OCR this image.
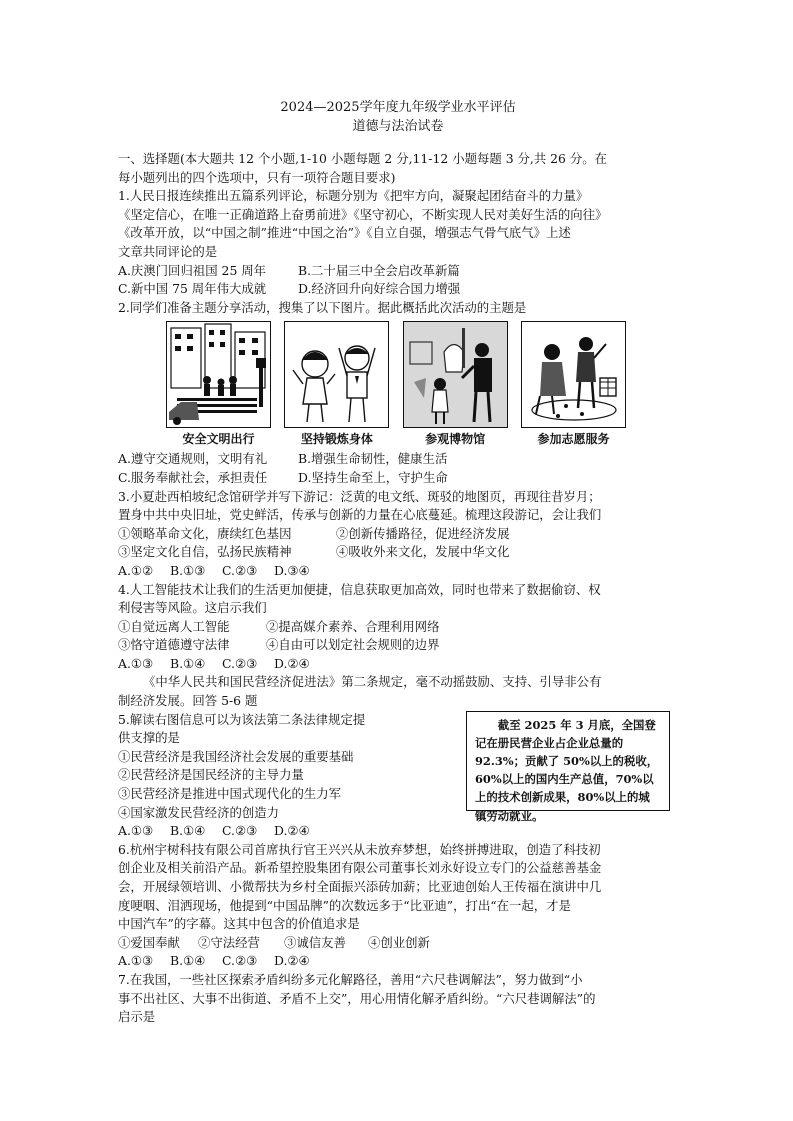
2024—2025学年度九年级学业水平评估
道德与法治试卷
一、选择题(本大题共 12 个小题,1-10 小题每题 2 分,11-12 小题每题 3 分,共 26 分。在
每小题列出的四个选项中，只有一项符合题目要求)
1.人民日报连续推出五篇系列评论，标题分别为《把牢方向，凝聚起团结奋斗的力量》
《坚定信心，在唯一正确道路上奋勇前进》《坚守初心，不断实现人民对美好生活的向往》
《改革开放，以“中国之制”推进“中国之治”》《自立自强，增强志气骨气底气》上述
文章共同评论的是
A.庆澳门回归祖国 25 周年	B.二十届三中全会启改革新篇
C.新中国 75 周年伟大成就	D.经济回升向好综合国力增强
2.同学们准备主题分享活动，搜集了以下图片。据此概括此次活动的主题是
安全文明出行	坚持锻炼身体	参观博物馆	参加志愿服务
A.遵守交通规则，文明有礼	B.增强生命韧性，健康生活
C.服务奉献社会，承担责任	D.坚持生命至上，守护生命
3.小夏赴西柏坡纪念馆研学并写下游记：泛黄的电文纸、斑驳的地图页，再现往昔岁月；
置身中共中央旧址，党史鲜活，传承与创新的力量在心底蔓延。梳理这段游记，会让我们
①领略革命文化，赓续红色基因	②创新传播路径，促进经济发展
③坚定文化自信，弘扬民族精神	④吸收外来文化，发展中华文化
A.①②	B.①③	C.②③	D.③④
4.人工智能技术让我们的生活更加便捷，信息获取更加高效，同时也带来了数据偷窃、权
利侵害等风险。这启示我们
①自觉远离人工智能	②提高媒介素养、合理利用网络
③恪守道德遵守法律	④自由可以划定社会规则的边界
A.①③	B.①④	C.②③	D.②④
《中华人民共和国民营经济促进法》第二条规定，毫不动摇鼓励、支持、引导非公有
制经济发展。回答 5-6 题
截至 2025 年 3 月底，全国登记在册民营企业占企业总量的 92.3%；贡献了 50%以上的税收，60%以上的国内生产总值，70%以上的技术创新成果，80%以上的城镇劳动就业。
5.解读右图信息可以为该法第二条法律规定提
供支撑的是
①民营经济是我国经济社会发展的重要基础
②民营经济是国民经济的主导力量
③民营经济是推进中国式现代化的生力军
④国家激发民营经济的创造力
A.①③	B.①④	C.②③	D.②④
6.杭州宇树科技有限公司首席执行官王兴兴从未放弃梦想，始终拼搏进取，创造了科技初
创企业及相关前沿产品。新希望控股集团有限公司董事长刘永好设立专门的公益慈善基金
会，开展绿领培训、小微帮扶为乡村全面振兴添砖加薪；比亚迪创始人王传福在演讲中几
度哽咽、泪洒现场，他提到“中国品牌”的次数远多于“比亚迪”，打出“在一起，才是
中国汽车”的字幕。这其中包含的价值追求是
①爱国奉献	②守法经营	③诚信友善	④创业创新
A.①③	B.①④	C.②③	D.②④
7.在我国，一些社区探索矛盾纠纷多元化解路径，善用“六尺巷调解法”，努力做到“小
事不出社区、大事不出街道、矛盾不上交”，用心用情化解矛盾纠纷。“六尺巷调解法”的
启示是
